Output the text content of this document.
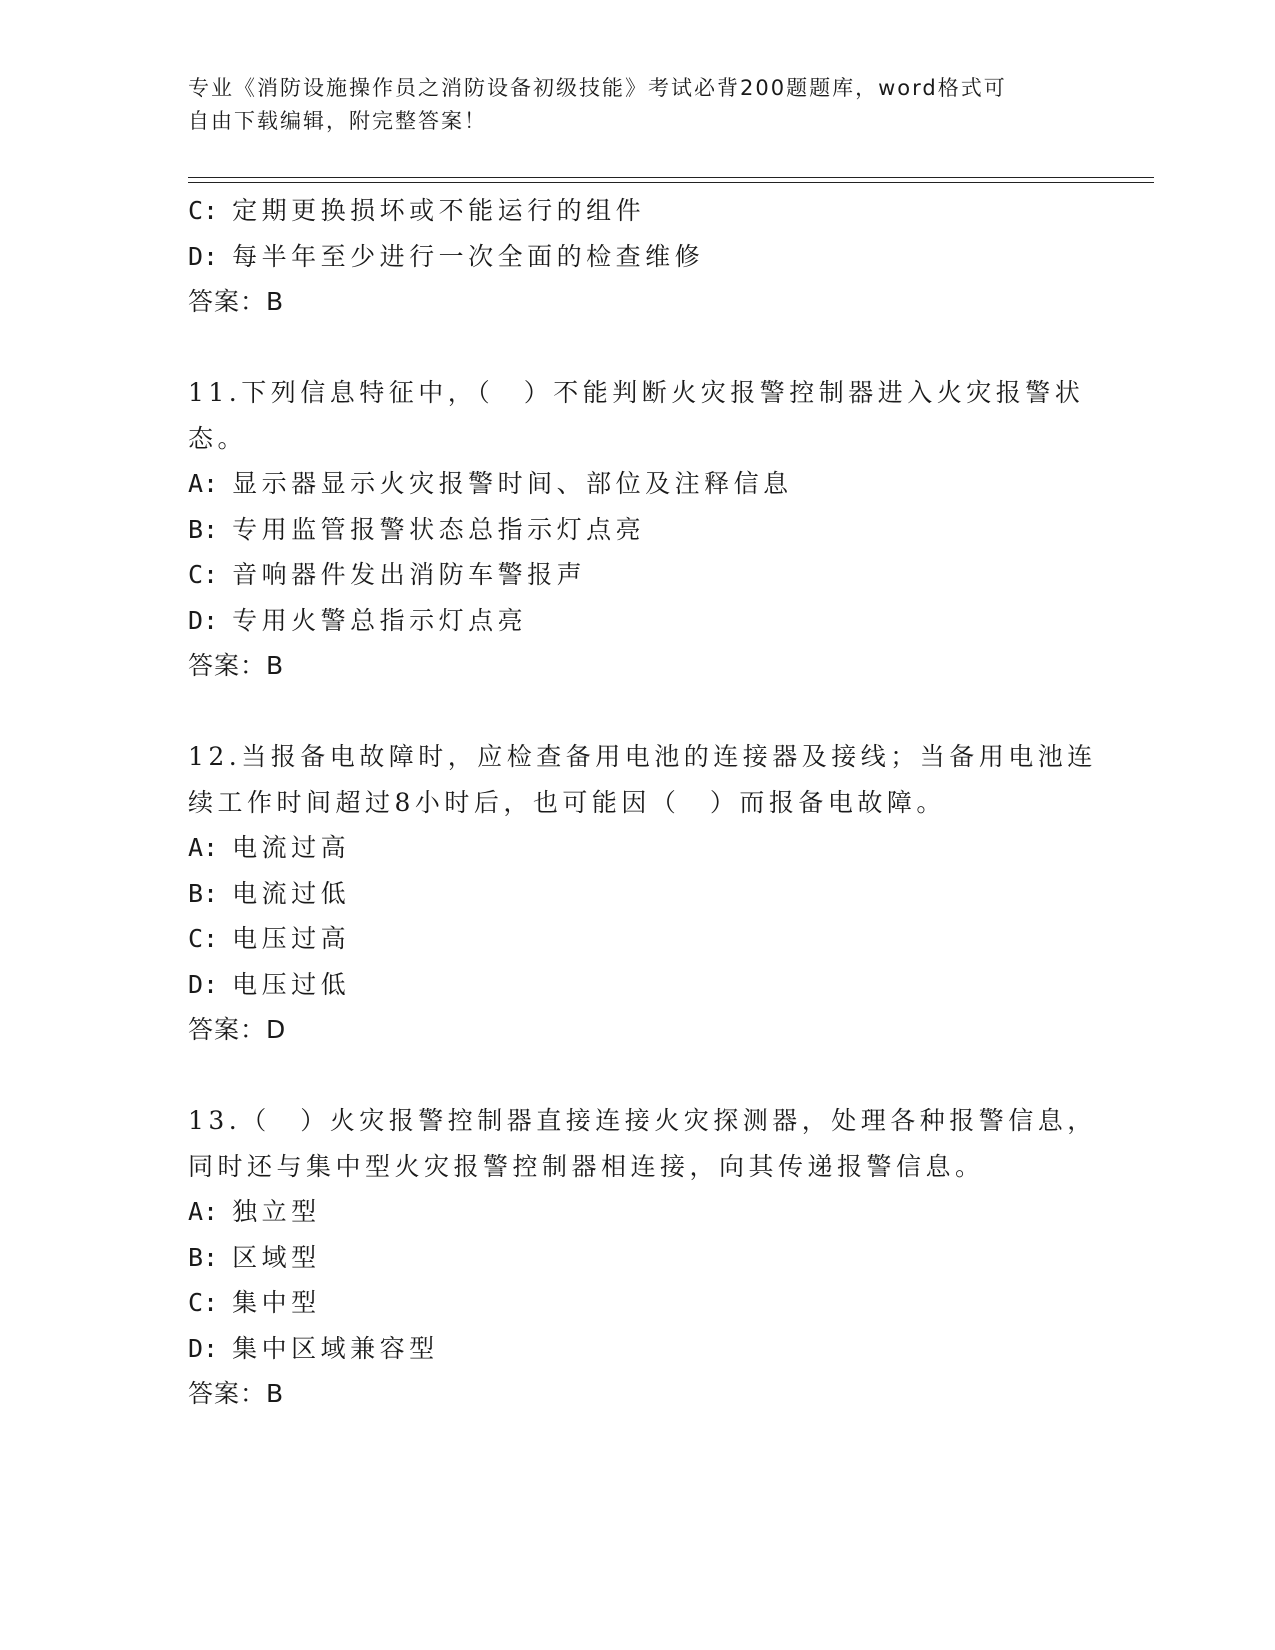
专业《消防设施操作员之消防设备初级技能》考试必背200题题库，word格式可
自由下载编辑，附完整答案！
C: 定期更换损坏或不能运行的组件
D: 每半年至少进行一次全面的检查维修
答案：B
11.下列信息特征中，（　）不能判断火灾报警控制器进入火灾报警状
态。
A: 显示器显示火灾报警时间、部位及注释信息
B: 专用监管报警状态总指示灯点亮
C: 音响器件发出消防车警报声
D: 专用火警总指示灯点亮
答案：B
12.当报备电故障时，应检查备用电池的连接器及接线；当备用电池连
续工作时间超过8小时后，也可能因（　）而报备电故障。
A: 电流过高
B: 电流过低
C: 电压过高
D: 电压过低
答案：D
13.（　）火灾报警控制器直接连接火灾探测器，处理各种报警信息，
同时还与集中型火灾报警控制器相连接，向其传递报警信息。
A: 独立型
B: 区域型
C: 集中型
D: 集中区域兼容型
答案：B
